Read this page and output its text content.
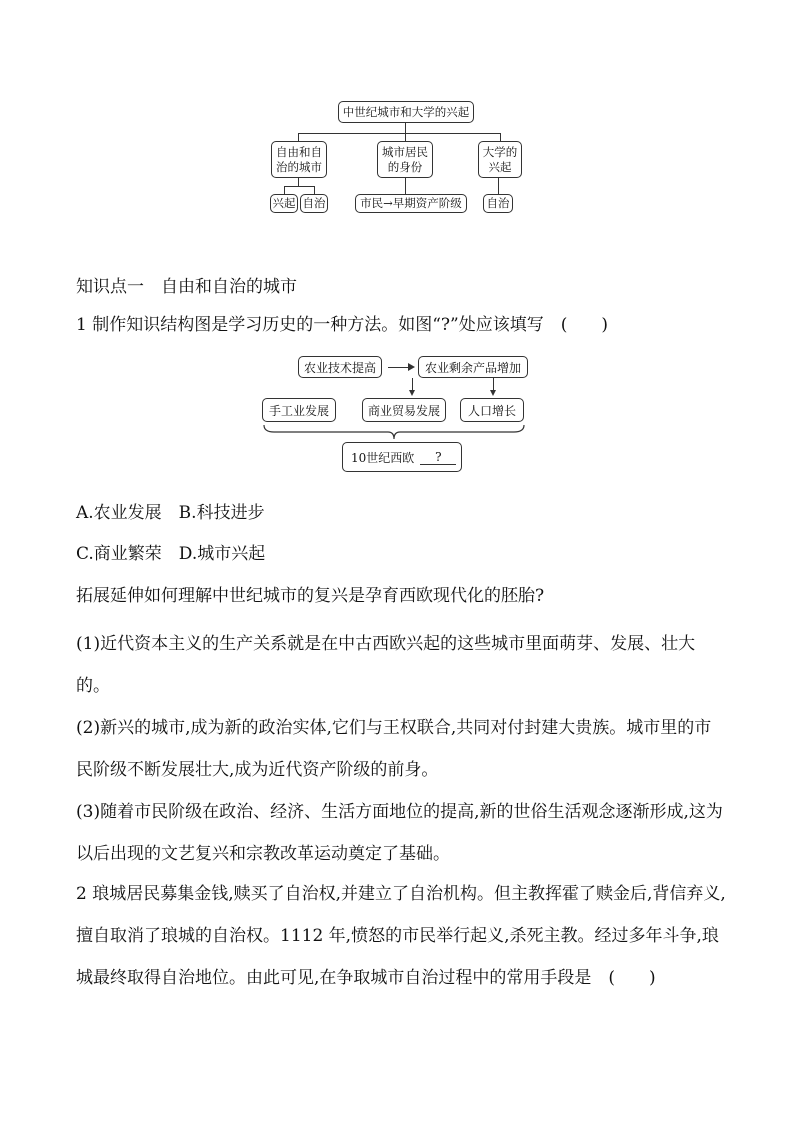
中世纪城市和大学的兴起
自由和自
治的城市
城市居民
的身份
大学的
兴起
兴起 自治	市民→早期资产阶级 自治
知识点一　自由和自治的城市
1 制作知识结构图是学习历史的一种方法。如图“?”处应该填写　(　　)
农业技术提高	农业剩余产品增加
手工业发展	商业贸易发展 人口增长
10世纪西欧	?
A.农业发展　B.科技进步
C.商业繁荣　D.城市兴起
拓展延伸如何理解中世纪城市的复兴是孕育西欧现代化的胚胎?
(1)近代资本主义的生产关系就是在中古西欧兴起的这些城市里面萌芽、发展、壮大的。
(2)新兴的城市,成为新的政治实体,它们与王权联合,共同对付封建大贵族。城市里的市民阶级不断发展壮大,成为近代资产阶级的前身。
(3)随着市民阶级在政治、经济、生活方面地位的提高,新的世俗生活观念逐渐形成,这为以后出现的文艺复兴和宗教改革运动奠定了基础。
2 琅城居民募集金钱,赎买了自治权,并建立了自治机构。但主教挥霍了赎金后,背信弃义,擅自取消了琅城的自治权。1112 年,愤怒的市民举行起义,杀死主教。经过多年斗争,琅城最终取得自治地位。由此可见,在争取城市自治过程中的常用手段是　(　　)
